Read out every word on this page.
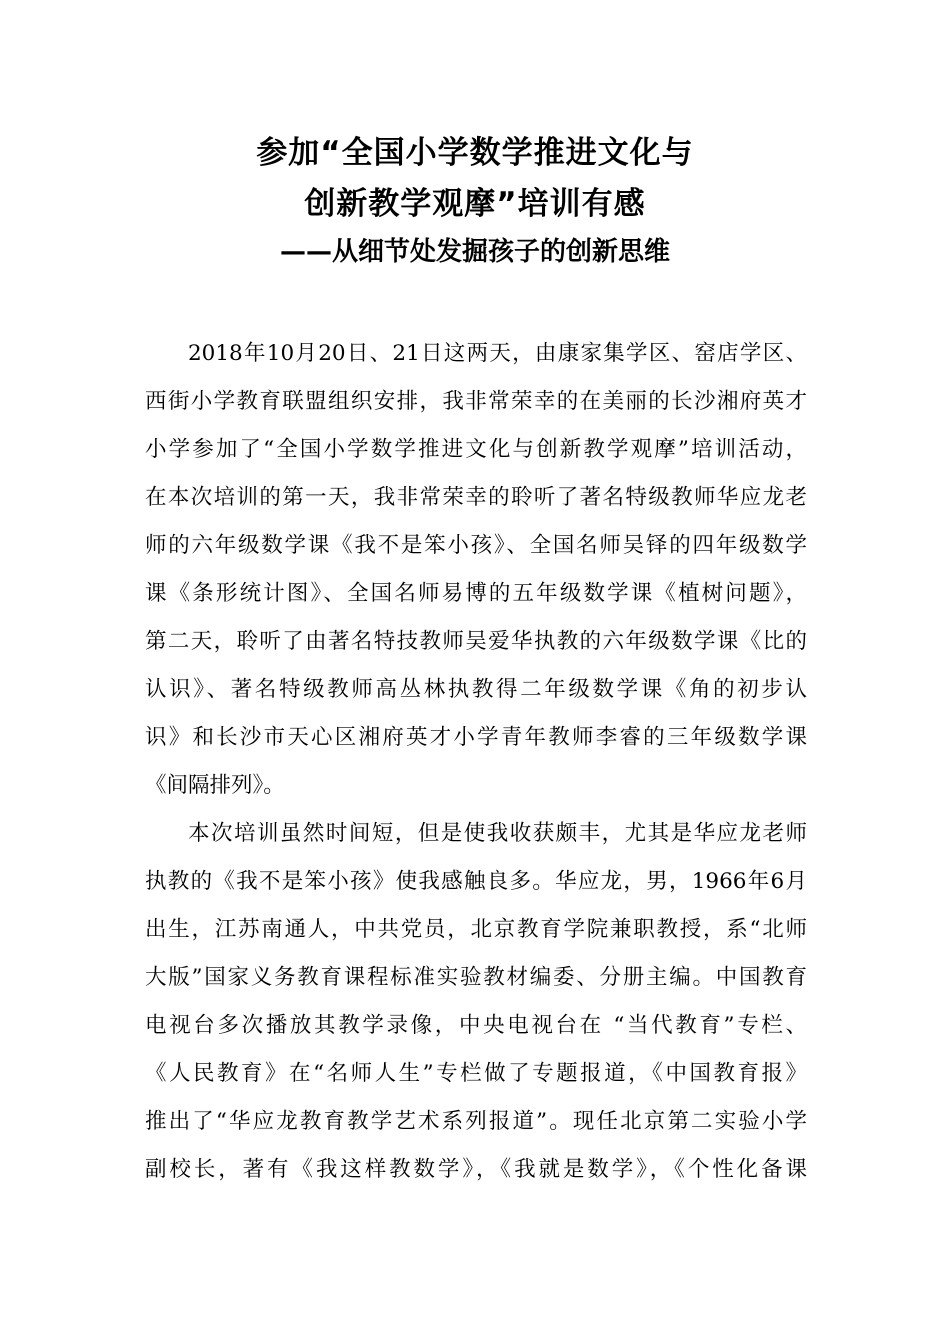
参加“全国小学数学推进文化与
创新教学观摩”培训有感
——从细节处发掘孩子的创新思维
2018年10月20日、21日这两天，由康家集学区、窑店学区、
西街小学教育联盟组织安排，我非常荣幸的在美丽的长沙湘府英才
小学参加了“全国小学数学推进文化与创新教学观摩”培训活动，
在本次培训的第一天，我非常荣幸的聆听了著名特级教师华应龙老
师的六年级数学课《我不是笨小孩》、全国名师吴铎的四年级数学
课《条形统计图》、全国名师易博的五年级数学课《植树问题》，
第二天，聆听了由著名特技教师吴爱华执教的六年级数学课《比的
认识》、著名特级教师高丛林执教得二年级数学课《角的初步认
识》和长沙市天心区湘府英才小学青年教师李睿的三年级数学课
《间隔排列》。
本次培训虽然时间短，但是使我收获颇丰，尤其是华应龙老师
执教的《我不是笨小孩》使我感触良多。华应龙，男，1966年6月
出生，江苏南通人，中共党员，北京教育学院兼职教授，系“北师
大版”国家义务教育课程标准实验教材编委、分册主编。中国教育
电视台多次播放其教学录像，中央电视台在 “当代教育”专栏、
《人民教育》在“名师人生”专栏做了专题报道，《中国教育报》
推出了“华应龙教育教学艺术系列报道”。现任北京第二实验小学
副校长，著有《我这样教数学》，《我就是数学》，《个性化备课
